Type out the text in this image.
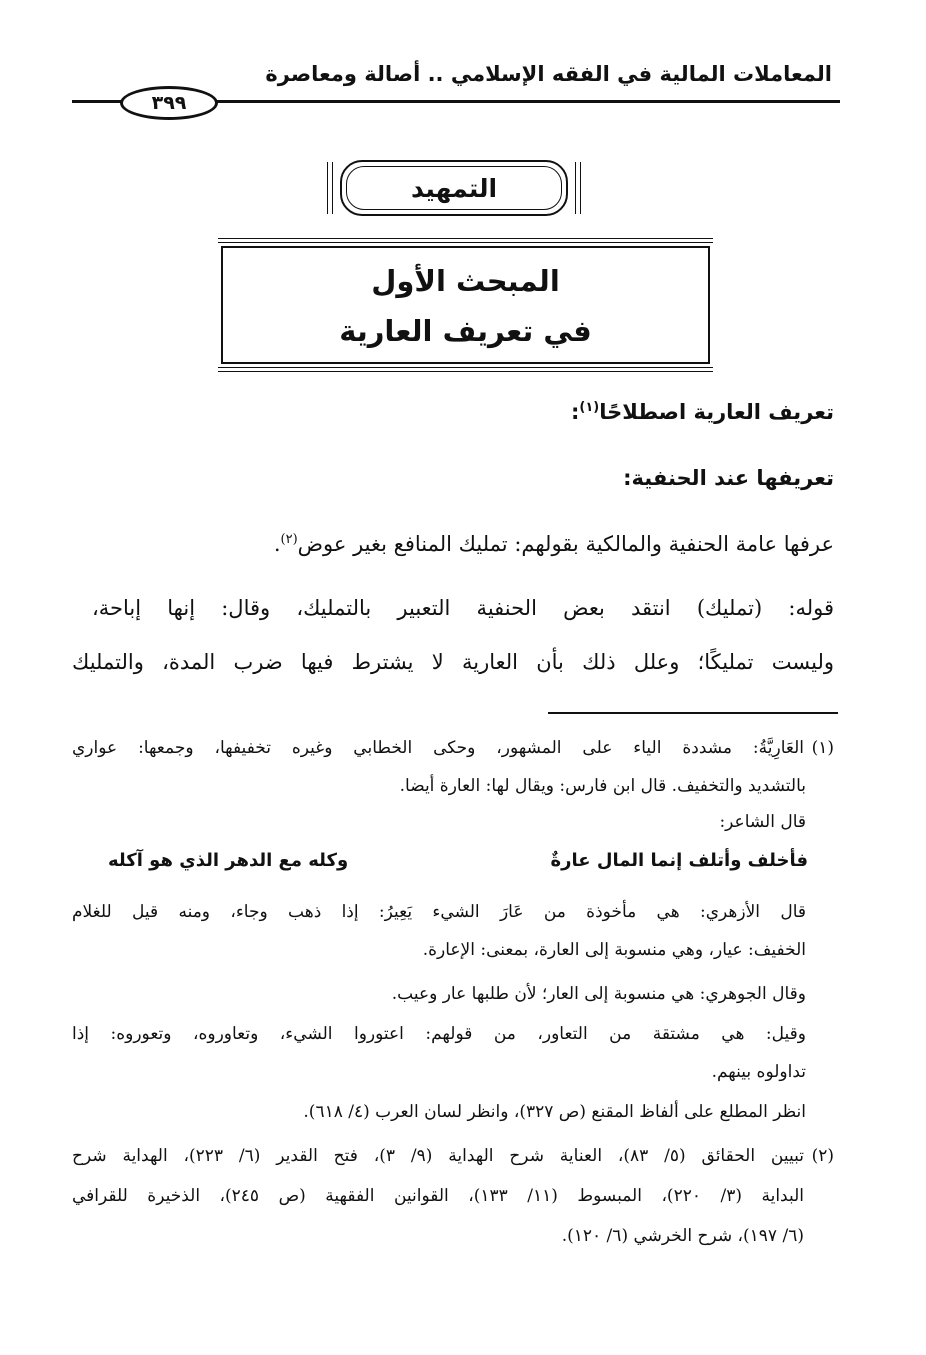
المعاملات المالية في الفقه الإسلامي .. أصالة ومعاصرة
٣٩٩
التمهيد
المبحث الأول
في تعريف العارية
تعريف العارية اصطلاحًا$^{(١)}$:
تعريفها عند الحنفية:
عرفها عامة الحنفية والمالكية بقولهم: تمليك المنافع بغير عوض$^{(٢)}$.
قوله: (تمليك) انتقد بعض الحنفية التعبير بالتمليك، وقال: إنها إباحة،
وليست تمليكًا؛ وعلل ذلك بأن العارية لا يشترط فيها ضرب المدة، والتمليك
(١)
العَارِيَّةُ: مشددة الياء على المشهور، وحكى الخطابي وغيره تخفيفها، وجمعها: عواري
بالتشديد والتخفيف. قال ابن فارس: ويقال لها: العارة أيضا.
قال الشاعر:
فأخلف وأتلف إنما المال عارةٌ
وكله مع الدهر الذي هو آكله
قال الأزهري: هي مأخوذة من عَارَ الشيء يَعِيرُ: إذا ذهب وجاء، ومنه قيل للغلام
الخفيف: عيار، وهي منسوبة إلى العارة، بمعنى: الإعارة.
وقال الجوهري: هي منسوبة إلى العار؛ لأن طلبها عار وعيب.
وقيل: هي مشتقة من التعاور، من قولهم: اعتوروا الشيء، وتعاوروه، وتعوروه: إذا
تداولوه بينهم.
انظر المطلع على ألفاظ المقنع (ص ٣٢٧)، وانظر لسان العرب (٤/ ٦١٨).
(٢)
تبيين الحقائق (٥/ ٨٣)، العناية شرح الهداية (٩/ ٣)، فتح القدير (٦/ ٢٢٣)، الهداية شرح
البداية (٣/ ٢٢٠)، المبسوط (١١/ ١٣٣)، القوانين الفقهية (ص ٢٤٥)، الذخيرة للقرافي
(٦/ ١٩٧)، شرح الخرشي (٦/ ١٢٠).
